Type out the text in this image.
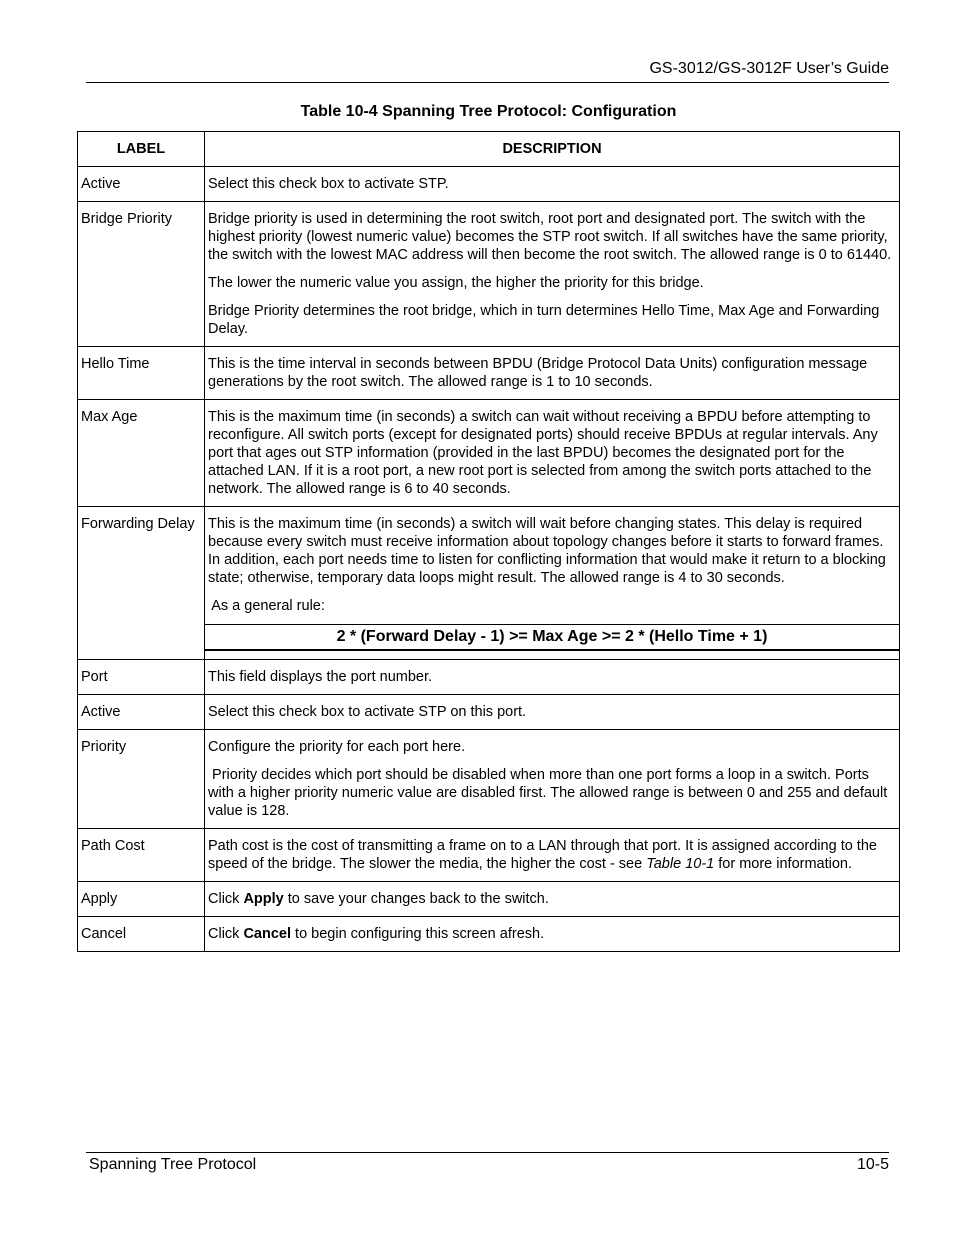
GS-3012/GS-3012F User’s Guide
Table 10-4 Spanning Tree Protocol: Configuration
LABEL	DESCRIPTION
Active	Select this check box to activate STP.

Bridge Priority	Bridge priority is used in determining the root switch, root port and designated port. The switch with the highest priority (lowest numeric value) becomes the STP root switch. If all switches have the same priority, the switch with the lowest MAC address will then become the root switch. The allowed range is 0 to 61440.
The lower the numeric value you assign, the higher the priority for this bridge.
Bridge Priority determines the root bridge, which in turn determines Hello Time, Max Age and Forwarding Delay.

Hello Time	This is the time interval in seconds between BPDU (Bridge Protocol Data Units) configuration message generations by the root switch. The allowed range is 1 to 10 seconds.

Max Age	This is the maximum time (in seconds) a switch can wait without receiving a BPDU before attempting to reconfigure. All switch ports (except for designated ports) should receive BPDUs at regular intervals. Any port that ages out STP information (provided in the last BPDU) becomes the designated port for the attached LAN. If it is a root port, a new root port is selected from among the switch ports attached to the network. The allowed range is 6 to 40 seconds.

Forwarding Delay	This is the maximum time (in seconds) a switch will wait before changing states. This delay is required because every switch must receive information about topology changes before it starts to forward frames. In addition, each port needs time to listen for conflicting information that would make it return to a blocking state; otherwise, temporary data loops might result. The allowed range is 4 to 30 seconds.
As a general rule:
2 * (Forward Delay - 1) >= Max Age >= 2 * (Hello Time + 1)

Port	This field displays the port number.

Active	Select this check box to activate STP on this port.

Priority	Configure the priority for each port here.
Priority decides which port should be disabled when more than one port forms a loop in a switch. Ports with a higher priority numeric value are disabled first. The allowed range is between 0 and 255 and default value is 128.

Path Cost	Path cost is the cost of transmitting a frame on to a LAN through that port. It is assigned according to the speed of the bridge. The slower the media, the higher the cost - see Table 10-1 for more information.
Apply	Click Apply to save your changes back to the switch.
Cancel	Click Cancel to begin configuring this screen afresh.
Spanning Tree Protocol	10-5
